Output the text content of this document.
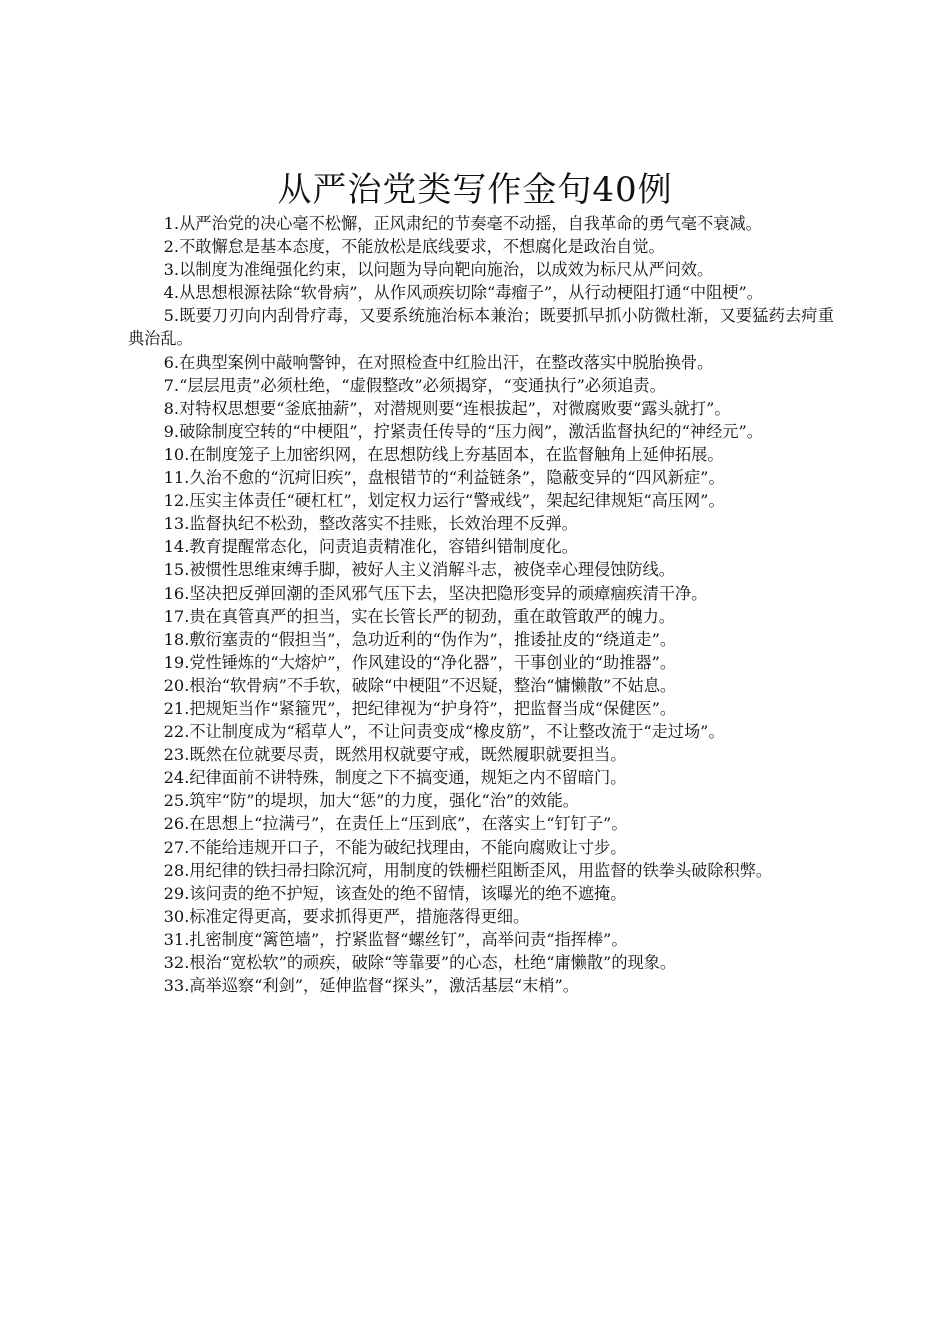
从严治党类写作金句40例

1.从严治党的决心毫不松懈，正风肃纪的节奏毫不动摇，自我革命的勇气毫不衰减。

2.不敢懈怠是基本态度，不能放松是底线要求，不想腐化是政治自觉。

3.以制度为准绳强化约束，以问题为导向靶向施治，以成效为标尺从严问效。

4.从思想根源祛除“软骨病”，从作风顽疾切除“毒瘤子”，从行动梗阻打通“中阻梗”。

5.既要刀刃向内刮骨疗毒，又要系统施治标本兼治；既要抓早抓小防微杜渐，又要猛药去疴重典治乱。

6.在典型案例中敲响警钟，在对照检查中红脸出汗，在整改落实中脱胎换骨。

7.“层层甩责”必须杜绝，“虚假整改”必须揭穿，“变通执行”必须追责。

8.对特权思想要“釜底抽薪”，对潜规则要“连根拔起”，对微腐败要“露头就打”。

9.破除制度空转的“中梗阻”，拧紧责任传导的“压力阀”，激活监督执纪的“神经元”。

10.在制度笼子上加密织网，在思想防线上夯基固本，在监督触角上延伸拓展。

11.久治不愈的“沉疴旧疾”，盘根错节的“利益链条”，隐蔽变异的“四风新症”。

12.压实主体责任“硬杠杠”，划定权力运行“警戒线”，架起纪律规矩“高压网”。

13.监督执纪不松劲，整改落实不挂账，长效治理不反弹。

14.教育提醒常态化，问责追责精准化，容错纠错制度化。

15.被惯性思维束缚手脚，被好人主义消解斗志，被侥幸心理侵蚀防线。

16.坚决把反弹回潮的歪风邪气压下去，坚决把隐形变异的顽瘴痼疾清干净。

17.贵在真管真严的担当，实在长管长严的韧劲，重在敢管敢严的魄力。

18.敷衍塞责的“假担当”，急功近利的“伪作为”，推诿扯皮的“绕道走”。

19.党性锤炼的“大熔炉”，作风建设的“净化器”，干事创业的“助推器”。

20.根治“软骨病”不手软，破除“中梗阻”不迟疑，整治“慵懒散”不姑息。

21.把规矩当作“紧箍咒”，把纪律视为“护身符”，把监督当成“保健医”。

22.不让制度成为“稻草人”，不让问责变成“橡皮筋”，不让整改流于“走过场”。

23.既然在位就要尽责，既然用权就要守戒，既然履职就要担当。

24.纪律面前不讲特殊，制度之下不搞变通，规矩之内不留暗门。

25.筑牢“防”的堤坝，加大“惩”的力度，强化“治”的效能。

26.在思想上“拉满弓”，在责任上“压到底”，在落实上“钉钉子”。

27.不能给违规开口子，不能为破纪找理由，不能向腐败让寸步。

28.用纪律的铁扫帚扫除沉疴，用制度的铁栅栏阻断歪风，用监督的铁拳头破除积弊。

29.该问责的绝不护短，该查处的绝不留情，该曝光的绝不遮掩。

30.标准定得更高，要求抓得更严，措施落得更细。

31.扎密制度“篱笆墙”，拧紧监督“螺丝钉”，高举问责“指挥棒”。

32.根治“宽松软”的顽疾，破除“等靠要”的心态，杜绝“庸懒散”的现象。

33.高举巡察“利剑”，延伸监督“探头”，激活基层“末梢”。
